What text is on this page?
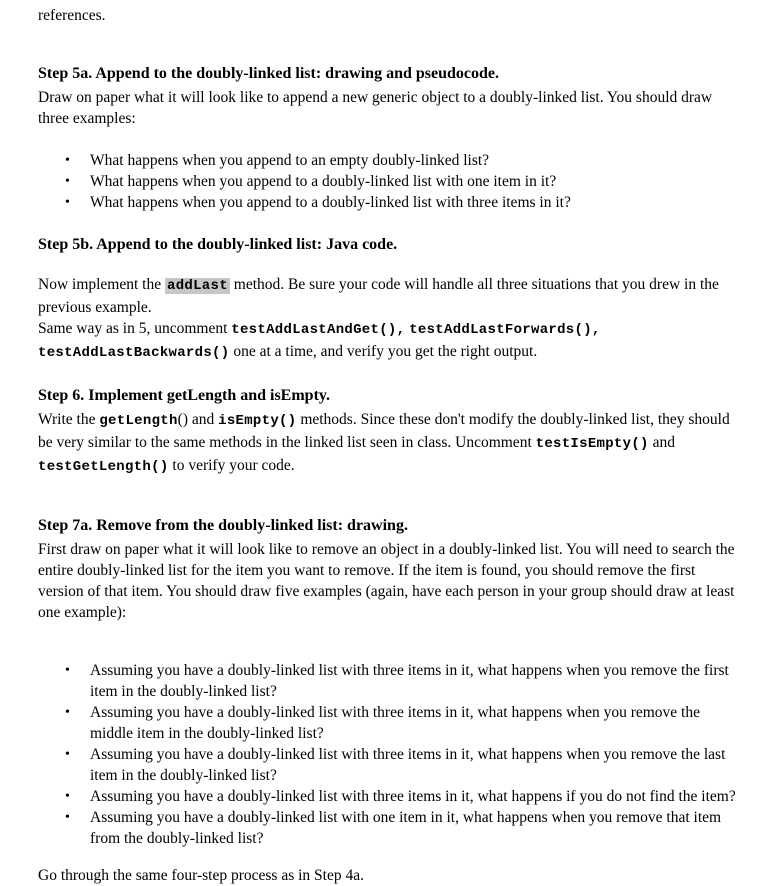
references.

Step 5a. Append to the doubly-linked list: drawing and pseudocode.

Draw on paper what it will look like to append a new generic object to a doubly-linked list. You should draw three examples:

• What happens when you append to an empty doubly-linked list?
• What happens when you append to a doubly-linked list with one item in it?
• What happens when you append to a doubly-linked list with three items in it?
Step 5b. Append to the doubly-linked list: Java code.

Now implement the addLast method. Be sure your code will handle all three situations that you drew in the previous example.

Same way as in 5, uncomment testAddLastAndGet(), testAddLastForwards(), testAddLastBackwards() one at a time, and verify you get the right output.

Step 6. Implement getLength and isEmpty.

Write the getLength() and isEmpty() methods. Since these don't modify the doubly-linked list, they should be very similar to the same methods in the linked list seen in class. Uncomment testIsEmpty() and testGetLength() to verify your code.

Step 7a. Remove from the doubly-linked list: drawing.

First draw on paper what it will look like to remove an object in a doubly-linked list. You will need to search the entire doubly-linked list for the item you want to remove. If the item is found, you should remove the first version of that item. You should draw five examples (again, have each person in your group should draw at least one example):

• Assuming you have a doubly-linked list with three items in it, what happens when you remove the first item in the doubly-linked list?
• Assuming you have a doubly-linked list with three items in it, what happens when you remove the middle item in the doubly-linked list?
• Assuming you have a doubly-linked list with three items in it, what happens when you remove the last item in the doubly-linked list?
• Assuming you have a doubly-linked list with three items in it, what happens if you do not find the item?
• Assuming you have a doubly-linked list with one item in it, what happens when you remove that item from the doubly-linked list?

Go through the same four-step process as in Step 4a.
